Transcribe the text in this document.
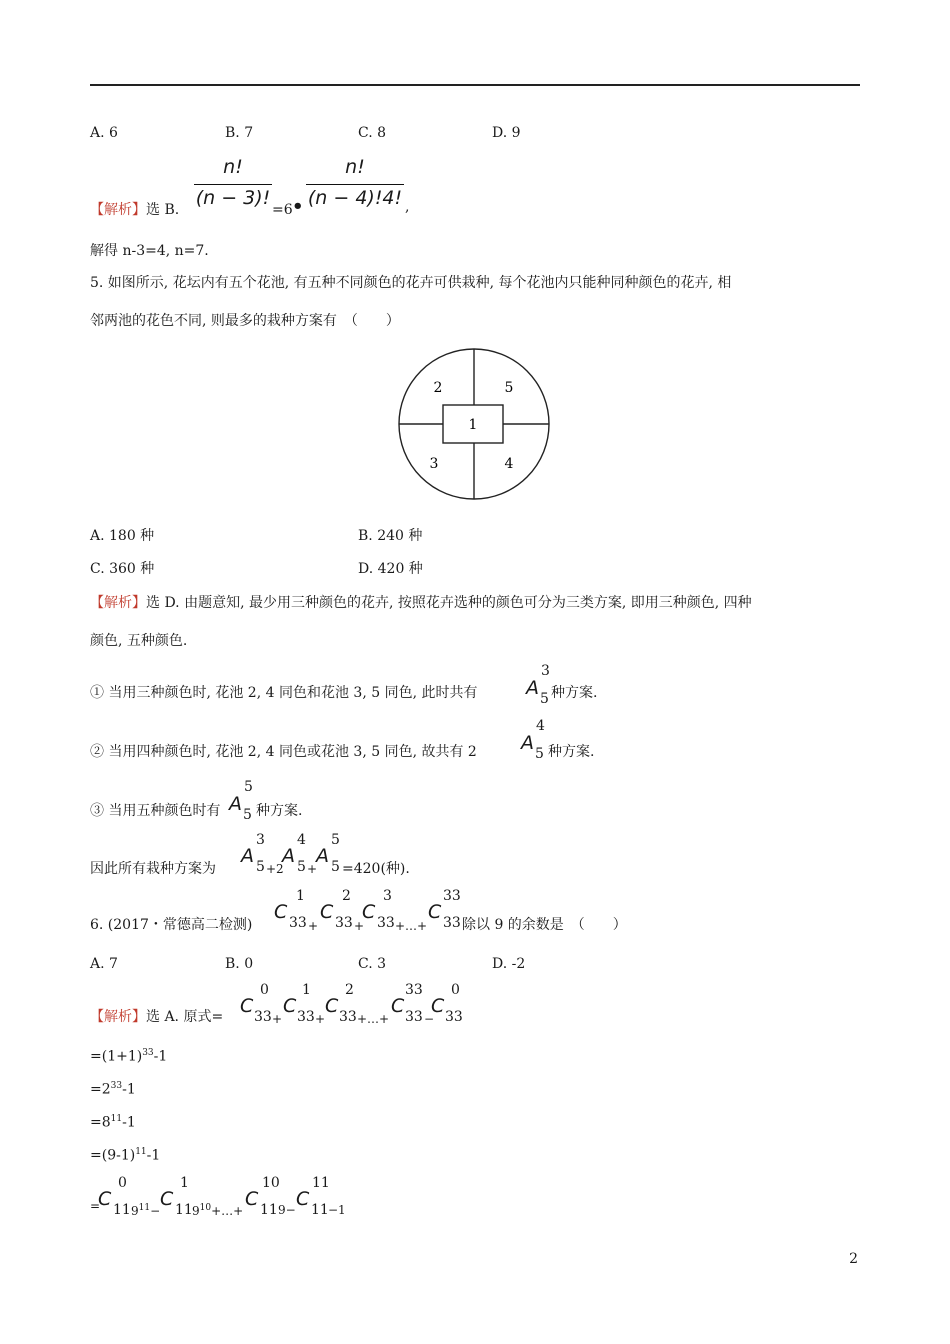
A. 6	B. 7	C. 8	D. 9
【解析】选 B.
$\frac{n!}{(n - 3)!}$
=6 • $\frac{n!}{(n - 4)!4!}$ ,
解得 n-3=4, n=7.
5. 如图所示, 花坛内有五个花池, 有五种不同颜色的花卉可供栽种, 每个花池内只能种同种颜色的花卉, 相
邻两池的花色不同, 则最多的栽种方案有　（　　）
1
2	5
3	4
A. 180 种	B. 240 种
C. 360 种	D. 420 种
【解析】选 D. 由题意知, 最少用三种颜色的花卉, 按照花卉选种的颜色可分为三类方案, 即用三种颜色, 四种
颜色, 五种颜色.
① 当用三种颜色时, 花池 2, 4 同色和花池 3, 5 同色, 此时共有	A 5
3
种方案.
② 当用四种颜色时, 花池 2, 4 同色或花池 3, 5 同色, 故共有 2 A 5
4
种方案.
③ 当用五种颜色时有 A 5
5
种方案.
因此所有栽种方案为
A 5
3
+2
A 5
4
+
A 5
5
=420(种).
6. (2017・常德高二检测)
C 33
1
+
C 33
2
+
C 33
3
+…+
C 33
33
除以 9 的余数是　（　　）
A. 7	B. 0	C. 3	D. -2
【解析】选 A. 原式= C 33
0
+
C 33
1
+
C 33
2
+…+
C 33
33
−
C 33
0
$=(1+1)^{33}-1$
$=2^{33}-1$
$=8^{11}-1$
$=(9-1)^{11}-1$
=
C 11
0
$9^{11}-$
C 11
1
$9^{10}+\dots+$
C 11
10
9− C 11
11
−1
2
